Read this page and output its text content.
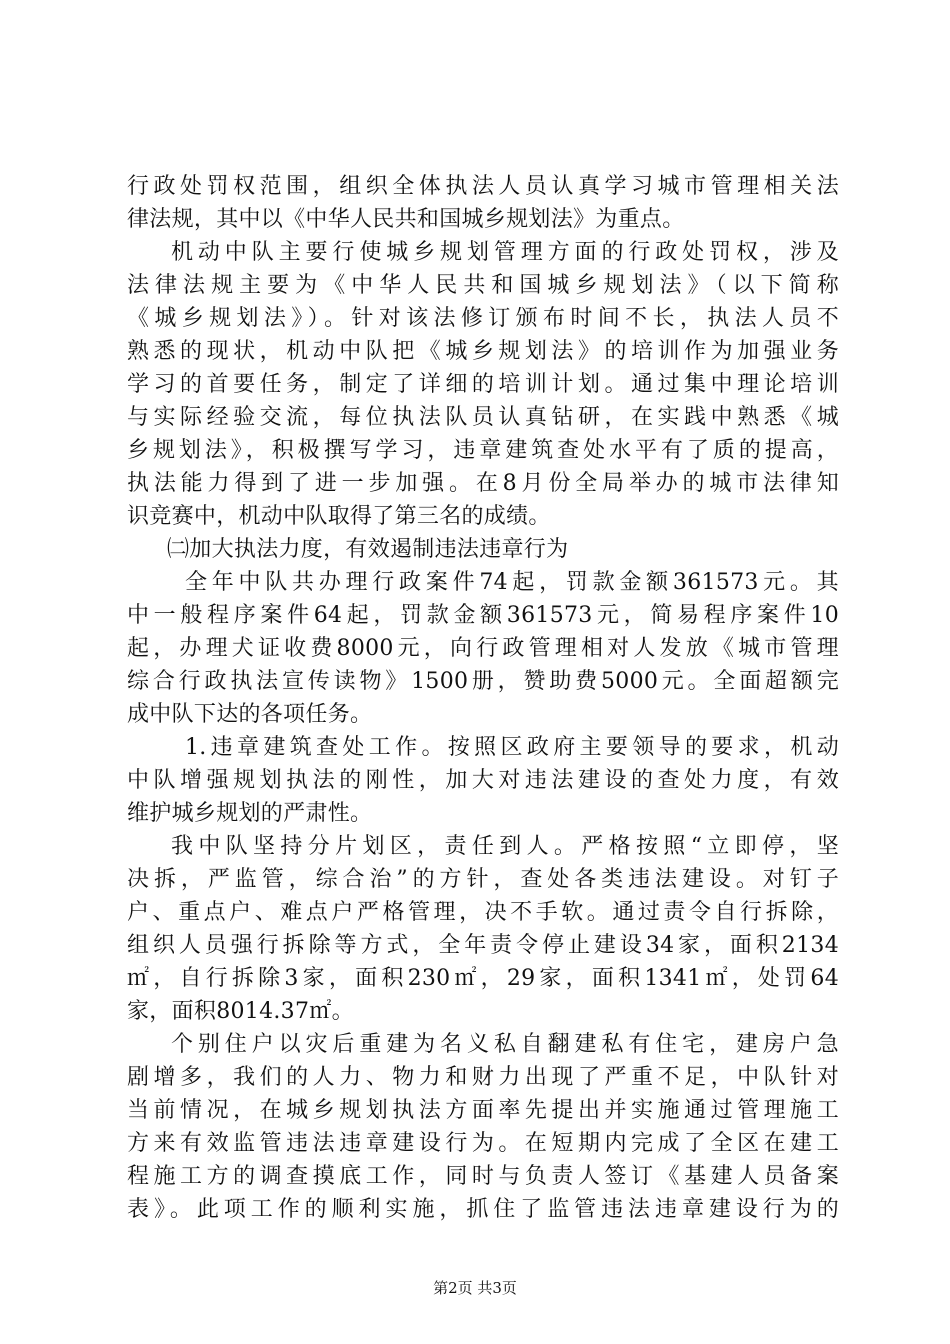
行政处罚权范围，组织全体执法人员认真学习城市管理相关法
律法规，其中以《中华人民共和国城乡规划法》为重点。
机动中队主要行使城乡规划管理方面的行政处罚权，涉及
法律法规主要为《中华人民共和国城乡规划法》（以下简称
《城乡规划法》）。针对该法修订颁布时间不长，执法人员不
熟悉的现状，机动中队把《城乡规划法》的培训作为加强业务
学习的首要任务，制定了详细的培训计划。通过集中理论培训
与实际经验交流，每位执法队员认真钻研，在实践中熟悉《城
乡规划法》，积极撰写学习，违章建筑查处水平有了质的提高，
执法能力得到了进一步加强。在8月份全局举办的城市法律知
识竞赛中，机动中队取得了第三名的成绩。
㈡加大执法力度，有效遏制违法违章行为
全年中队共办理行政案件74起，罚款金额361573元。其
中一般程序案件64起，罚款金额361573元，简易程序案件10
起，办理犬证收费8000元，向行政管理相对人发放《城市管理
综合行政执法宣传读物》1500册，赞助费5000元。全面超额完
成中队下达的各项任务。
1.违章建筑查处工作。按照区政府主要领导的要求，机动
中队增强规划执法的刚性，加大对违法建设的查处力度，有效
维护城乡规划的严肃性。
我中队坚持分片划区，责任到人。严格按照“立即停，坚
决拆，严监管，综合治”的方针，查处各类违法建设。对钉子
户、重点户、难点户严格管理，决不手软。通过责令自行拆除，
组织人员强行拆除等方式，全年责令停止建设34家，面积2134
㎡，自行拆除3家，面积230㎡，29家，面积1341㎡，处罚64
家，面积8014.37㎡。
个别住户以灾后重建为名义私自翻建私有住宅，建房户急
剧增多，我们的人力、物力和财力出现了严重不足，中队针对
当前情况，在城乡规划执法方面率先提出并实施通过管理施工
方来有效监管违法违章建设行为。在短期内完成了全区在建工
程施工方的调查摸底工作，同时与负责人签订《基建人员备案
表》。此项工作的顺利实施，抓住了监管违法违章建设行为的
第2页 共3页
